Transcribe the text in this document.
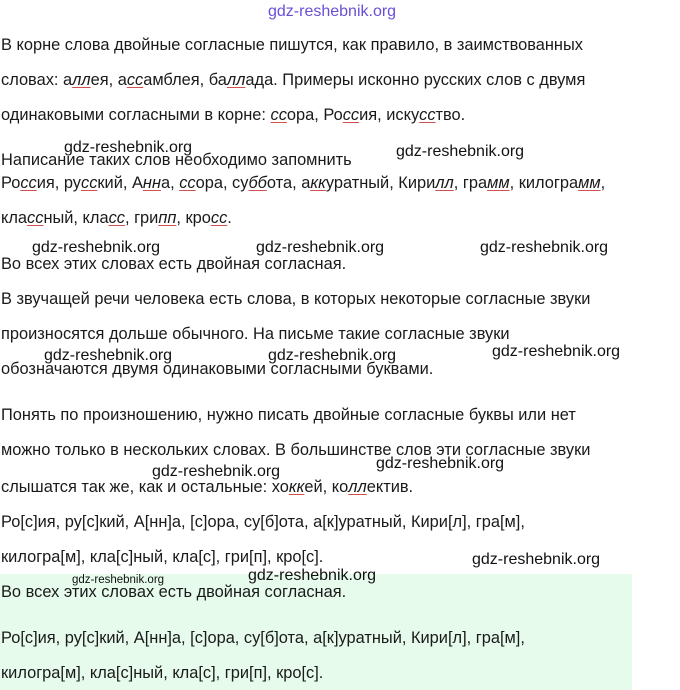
В корне слова двойные согласные пишутся, как правило, в заимствованных
словах: аллея, ассамблея, баллада. Примеры исконно русских слов с двумя
одинаковыми согласными в корне: ссора, Россия, искусство.
Написание таких слов необходимо запомнить
Россия, русский, Анна, ссора, суббота, аккуратный, Кирилл, грамм, килограмм,
классный, класс, грипп, кросс.
Во всех этих словах есть двойная согласная.
В звучащей речи человека есть слова, в которых некоторые согласные звуки
произносятся дольше обычного. На письме такие согласные звуки
обозначаются двумя одинаковыми согласными буквами.
Понять по произношению, нужно писать двойные согласные буквы или нет
можно только в нескольких словах. В большинстве слов эти согласные звуки
слышатся так же, как и остальные: хоккей, коллектив.
Ро[с]ия, ру[с]кий, А[нн]а, [с]ора, су[б]ота, а[к]уратный, Кири[л], гра[м],
килогра[м], кла[с]ный, кла[с], гри[п], кро[с].
Во всех этих словах есть двойная согласная.
Ро[с]ия, ру[с]кий, А[нн]а, [с]ора, су[б]ота, а[к]уратный, Кири[л], гра[м],
килогра[м], кла[с]ный, кла[с], гри[п], кро[с].
gdz-reshebnik.org
gdz-reshebnik.org	gdz-reshebnik.org
gdz-reshebnik.org	gdz-reshebnik.org	gdz-reshebnik.org
gdz-reshebnik.org	gdz-reshebnik.org	gdz-reshebnik.org
gdz-reshebnik.org	gdz-reshebnik.org
gdz-reshebnik.org
gdz-reshebnik.org	gdz-reshebnik.org
